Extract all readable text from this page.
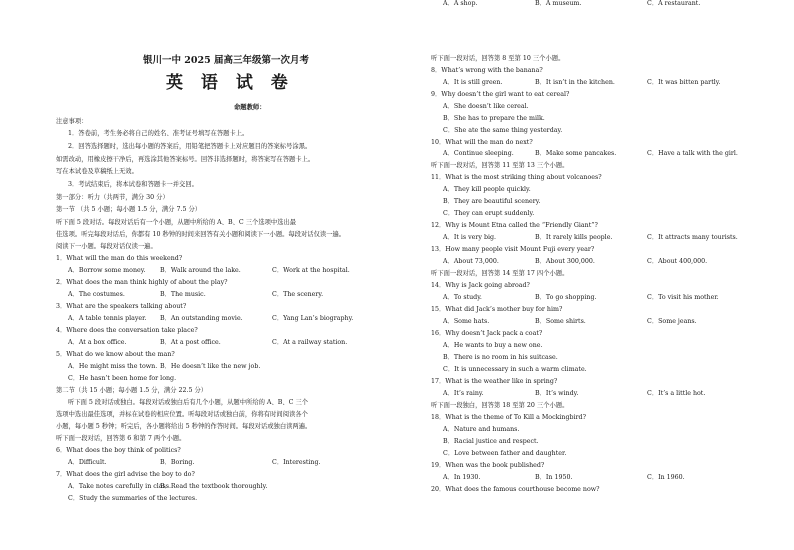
银川一中 2025 届高三年级第一次月考
英 语 试 卷
命题教师：
注意事项：
1．答卷前，考生务必将自己的姓名、准考证号填写在答题卡上。
2．回答选择题时，选出每小题的答案后，用铅笔把答题卡上对应题目的答案标号涂黑。
如需改动，用橡皮擦干净后，再选涂其他答案标号。回答非选择题时，将答案写在答题卡上。
写在本试卷及草稿纸上无效。
3．考试结束后，将本试卷和答题卡一并交回。
第一部分：听力（共两节，满分 30 分）
第一节 （共 5 小题；每小题 1.5 分，满分 7.5 分）
听下面 5 段对话。每段对话后有一个小题，从题中所给的 A、B、C 三个选项中选出最
佳选项。听完每段对话后，你都有 10 秒钟的时间来回答有关小题和阅读下一小题。每段对话仅读一遍。
阅读下一小题。每段对话仅读一遍。
1．What will the man do this weekend?
A．Borrow some money. B．Walk around the lake.	C．Work at the hospital.
2．What does the man think highly of about the play?
A．The costumes.	B．The music.	C．The scenery.
3．What are the speakers talking about?
A．A table tennis player. B．An outstanding movie.	C．Yang Lan’s biography.
4．Where does the conversation take place?
A．At a box office.	B．At a post office.	C．At a railway station.
5．What do we know about the man?
A．He might miss the town. B．He doesn’t like the new job.
C．He hasn’t been home for long.
第二节（共 15 小题；每小题 1.5 分，满分 22.5 分）
听下面 5 段对话或独白。每段对话或独白后有几个小题，从题中所给的 A、B、C 三个
选项中选出最佳选项，并标在试卷的相应位置。听每段对话或独白前，你将有时间阅读各个
小题，每小题 5 秒钟；听完后，各小题将给出 5 秒钟的作答时间。每段对话或独白读两遍。
听下面一段对话，回答第 6 和第 7 两个小题。
6．What does the boy think of politics?
A．Difficult.	B．Boring.	C．Interesting.
7．What does the girl advise the boy to do?
A．Take notes carefully in class.
B．Read the textbook thoroughly.
C．Study the summaries of the lectures.
听下面一段对话，回答第 8 至第 10 三个小题。
8．What’s wrong with the banana?
A．It is still green.	B．It isn’t in the kitchen.	C．It was bitten partly.
9．Why doesn’t the girl want to eat cereal?
A．She doesn’t like cereal.
B．She has to prepare the milk.
C．She ate the same thing yesterday.
10．What will the man do next?
A．Continue sleeping.	B．Make some pancakes.	C．Have a talk with the girl.
听下面一段对话，回答第 11 至第 13 三个小题。
11．What is the most striking thing about volcanoes?
A．They kill people quickly.
B．They are beautiful scenery.
C．They can erupt suddenly.
12．Why is Mount Etna called the “Friendly Giant”?
A．It is very big.	B．It rarely kills people.	C．It attracts many tourists.
13．How many people visit Mount Fuji every year?
A．About 73,000.	B．About 300,000.	C．About 400,000.
听下面一段对话，回答第 14 至第 17 四个小题。
14．Why is Jack going abroad?
A．To study.	B．To go shopping.	C．To visit his mother.
15．What did Jack’s mother buy for him?
A．Some hats.	B．Some shirts.	C．Some jeans.
16．Why doesn’t Jack pack a coat?
A．He wants to buy a new one.
B．There is no room in his suitcase.
C．It is unnecessary in such a warm climate.
17．What is the weather like in spring?
A．It’s rainy.	B．It’s windy.	C．It’s a little hot.
听下面一段独白，回答第 18 至第 20 三个小题。
18．What is the theme of To Kill a Mockingbird?
A．Nature and humans.
B．Racial justice and respect.
C．Love between father and daughter.
19．When was the book published?
A．In 1930.	B．In 1950.	C．In 1960.
20．What does the famous courthouse become now?
A．A shop.	B．A museum.	C．A restaurant.
